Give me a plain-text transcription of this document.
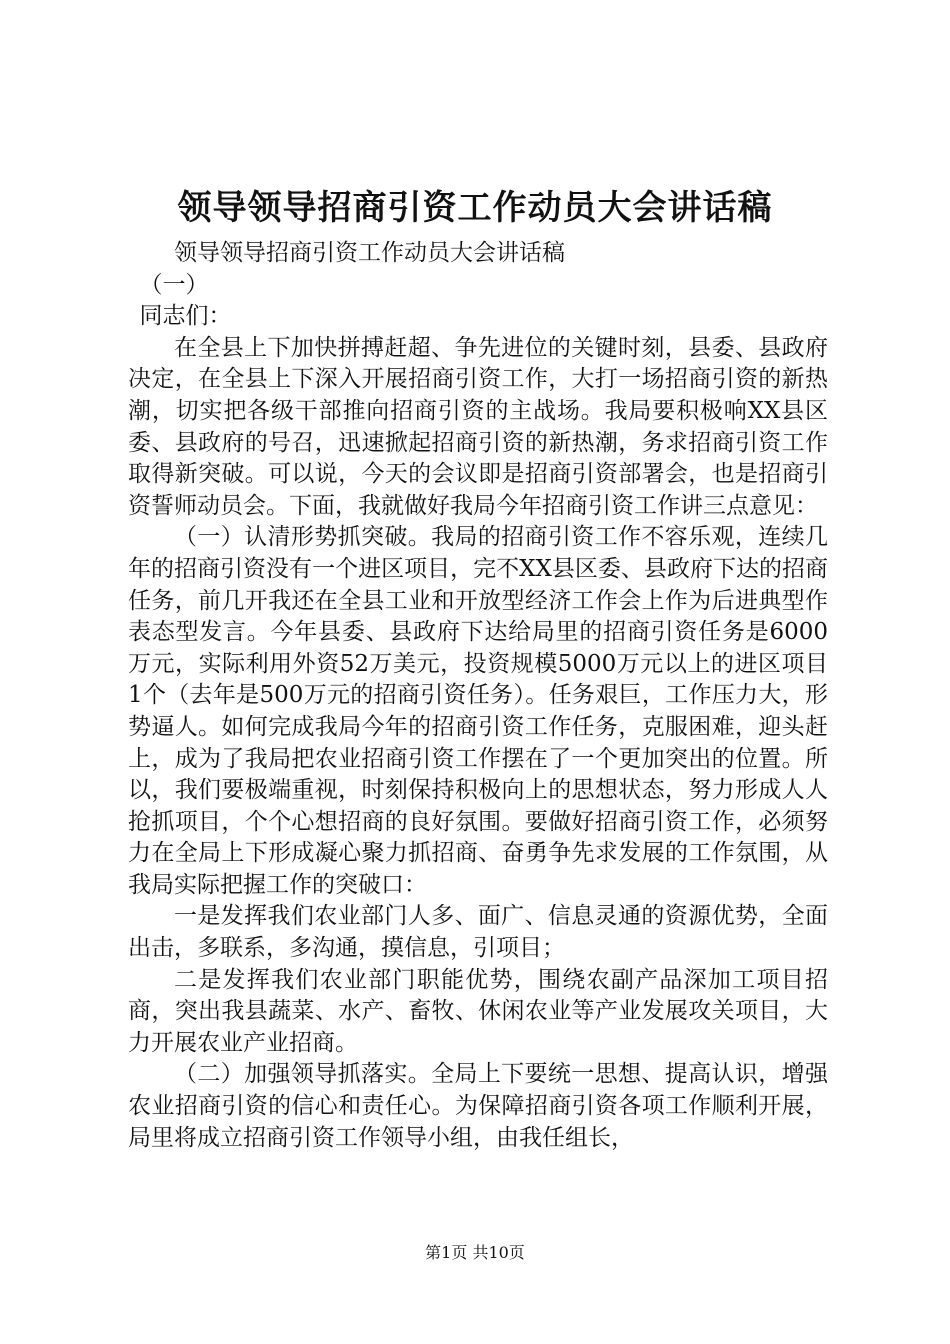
领导领导招商引资工作动员大会讲话稿

领导领导招商引资工作动员大会讲话稿

（一）

同志们：

在全县上下加快拼搏赶超、争先进位的关键时刻，县委、县政府决定，在全县上下深入开展招商引资工作，大打一场招商引资的新热潮，切实把各级干部推向招商引资的主战场。我局要积极响XX县区委、县政府的号召，迅速掀起招商引资的新热潮，务求招商引资工作取得新突破。可以说，今天的会议即是招商引资部署会，也是招商引资誓师动员会。下面，我就做好我局今年招商引资工作讲三点意见：

（一）认清形势抓突破。我局的招商引资工作不容乐观，连续几年的招商引资没有一个进区项目，完不XX县区委、县政府下达的招商任务，前几开我还在全县工业和开放型经济工作会上作为后进典型作表态型发言。今年县委、县政府下达给局里的招商引资任务是6000万元，实际利用外资52万美元，投资规模5000万元以上的进区项目1个（去年是500万元的招商引资任务）。任务艰巨，工作压力大，形势逼人。如何完成我局今年的招商引资工作任务，克服困难，迎头赶上，成为了我局把农业招商引资工作摆在了一个更加突出的位置。所以，我们要极端重视，时刻保持积极向上的思想状态，努力形成人人抢抓项目，个个心想招商的良好氛围。要做好招商引资工作，必须努力在全局上下形成凝心聚力抓招商、奋勇争先求发展的工作氛围，从我局实际把握工作的突破口：

一是发挥我们农业部门人多、面广、信息灵通的资源优势，全面出击，多联系，多沟通，摸信息，引项目；

二是发挥我们农业部门职能优势，围绕农副产品深加工项目招商，突出我县蔬菜、水产、畜牧、休闲农业等产业发展攻关项目，大力开展农业产业招商。

（二）加强领导抓落实。全局上下要统一思想、提高认识，增强农业招商引资的信心和责任心。为保障招商引资各项工作顺利开展，局里将成立招商引资工作领导小组，由我任组长，

第1页 共10页
